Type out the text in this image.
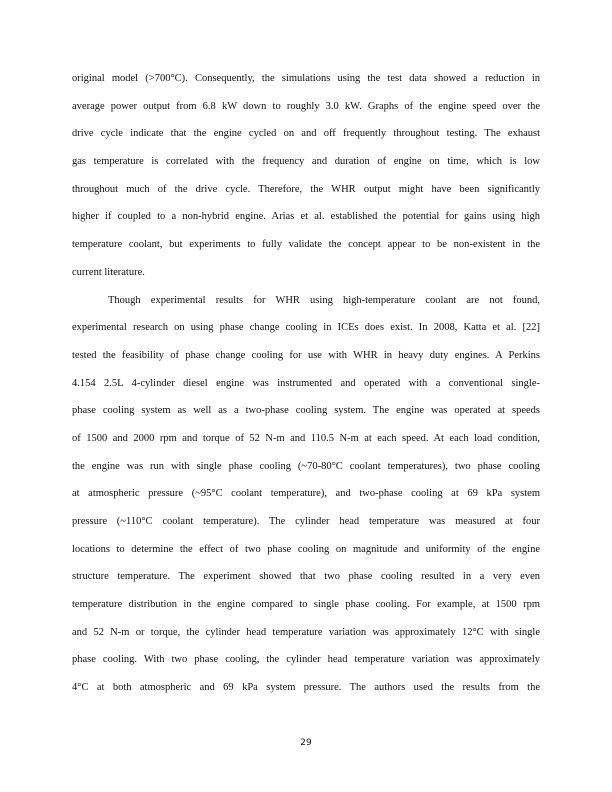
original model (>700°C). Consequently, the simulations using the test data showed a reduction in
average power output from 6.8 kW down to roughly 3.0 kW. Graphs of the engine speed over the
drive cycle indicate that the engine cycled on and off frequently throughout testing. The exhaust
gas temperature is correlated with the frequency and duration of engine on time, which is low
throughout much of the drive cycle. Therefore, the WHR output might have been significantly
higher if coupled to a non-hybrid engine. Arias et al. established the potential for gains using high
temperature coolant, but experiments to fully validate the concept appear to be non-existent in the
current literature.
Though experimental results for WHR using high-temperature coolant are not found,
experimental research on using phase change cooling in ICEs does exist. In 2008, Katta et al. [22]
tested the feasibility of phase change cooling for use with WHR in heavy duty engines. A Perkins
4.154 2.5L 4-cylinder diesel engine was instrumented and operated with a conventional single-
phase cooling system as well as a two-phase cooling system. The engine was operated at speeds
of 1500 and 2000 rpm and torque of 52 N-m and 110.5 N-m at each speed. At each load condition,
the engine was run with single phase cooling (~70-80°C coolant temperatures), two phase cooling
at atmospheric pressure (~95°C coolant temperature), and two-phase cooling at 69 kPa system
pressure (~110°C coolant temperature). The cylinder head temperature was measured at four
locations to determine the effect of two phase cooling on magnitude and uniformity of the engine
structure temperature. The experiment showed that two phase cooling resulted in a very even
temperature distribution in the engine compared to single phase cooling. For example, at 1500 rpm
and 52 N-m or torque, the cylinder head temperature variation was approximately 12°C with single
phase cooling. With two phase cooling, the cylinder head temperature variation was approximately
4°C at both atmospheric and 69 kPa system pressure. The authors used the results from the
29
